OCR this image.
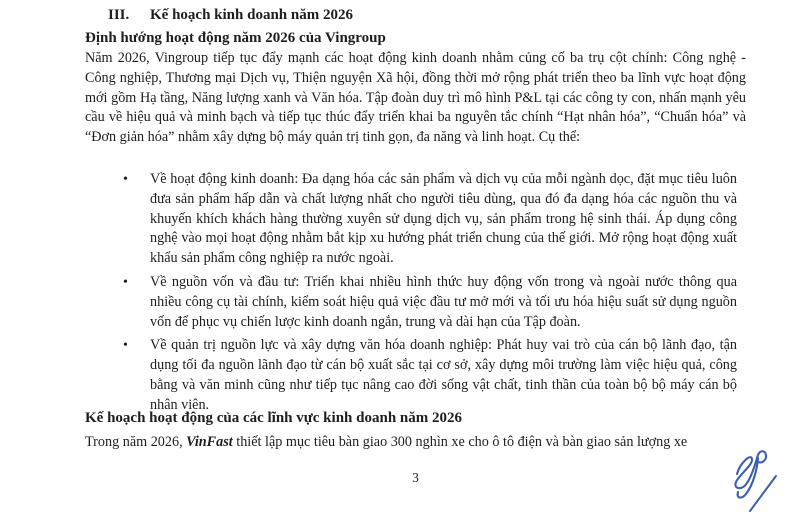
III. Kế hoạch kinh doanh năm 2026
Định hướng hoạt động năm 2026 của Vingroup

Năm 2026, Vingroup tiếp tục đẩy mạnh các hoạt động kinh doanh nhằm củng cố ba trụ cột chính: Công nghệ - Công nghiệp, Thương mại Dịch vụ, Thiện nguyện Xã hội, đồng thời mở rộng phát triển theo ba lĩnh vực hoạt động mới gồm Hạ tầng, Năng lượng xanh và Văn hóa. Tập đoàn duy trì mô hình P&L tại các công ty con, nhấn mạnh yêu cầu về hiệu quả và minh bạch và tiếp tục thúc đẩy triển khai ba nguyên tắc chính “Hạt nhân hóa”, “Chuẩn hóa” và “Đơn giản hóa” nhằm xây dựng bộ máy quản trị tinh gọn, đa năng và linh hoạt. Cụ thể:

• Về hoạt động kinh doanh: Đa dạng hóa các sản phẩm và dịch vụ của mỗi ngành dọc, đặt mục tiêu luôn đưa sản phẩm hấp dẫn và chất lượng nhất cho người tiêu dùng, qua đó đa dạng hóa các nguồn thu và khuyến khích khách hàng thường xuyên sử dụng dịch vụ, sản phẩm trong hệ sinh thái. Áp dụng công nghệ vào mọi hoạt động nhằm bắt kịp xu hướng phát triển chung của thế giới. Mở rộng hoạt động xuất khẩu sản phẩm công nghiệp ra nước ngoài.
• Về nguồn vốn và đầu tư: Triển khai nhiều hình thức huy động vốn trong và ngoài nước thông qua nhiều công cụ tài chính, kiểm soát hiệu quả việc đầu tư mở mới và tối ưu hóa hiệu suất sử dụng nguồn vốn để phục vụ chiến lược kinh doanh ngắn, trung và dài hạn của Tập đoàn.
• Về quản trị nguồn lực và xây dựng văn hóa doanh nghiệp: Phát huy vai trò của cán bộ lãnh đạo, tận dụng tối đa nguồn lãnh đạo từ cán bộ xuất sắc tại cơ sở, xây dựng môi trường làm việc hiệu quả, công bằng và văn minh cũng như tiếp tục nâng cao đời sống vật chất, tinh thần của toàn bộ bộ máy cán bộ nhân viên.
Kế hoạch hoạt động của các lĩnh vực kinh doanh năm 2026

Trong năm 2026, VinFast thiết lập mục tiêu bàn giao 300 nghìn xe cho ô tô điện và bàn giao sản lượng xe

3
